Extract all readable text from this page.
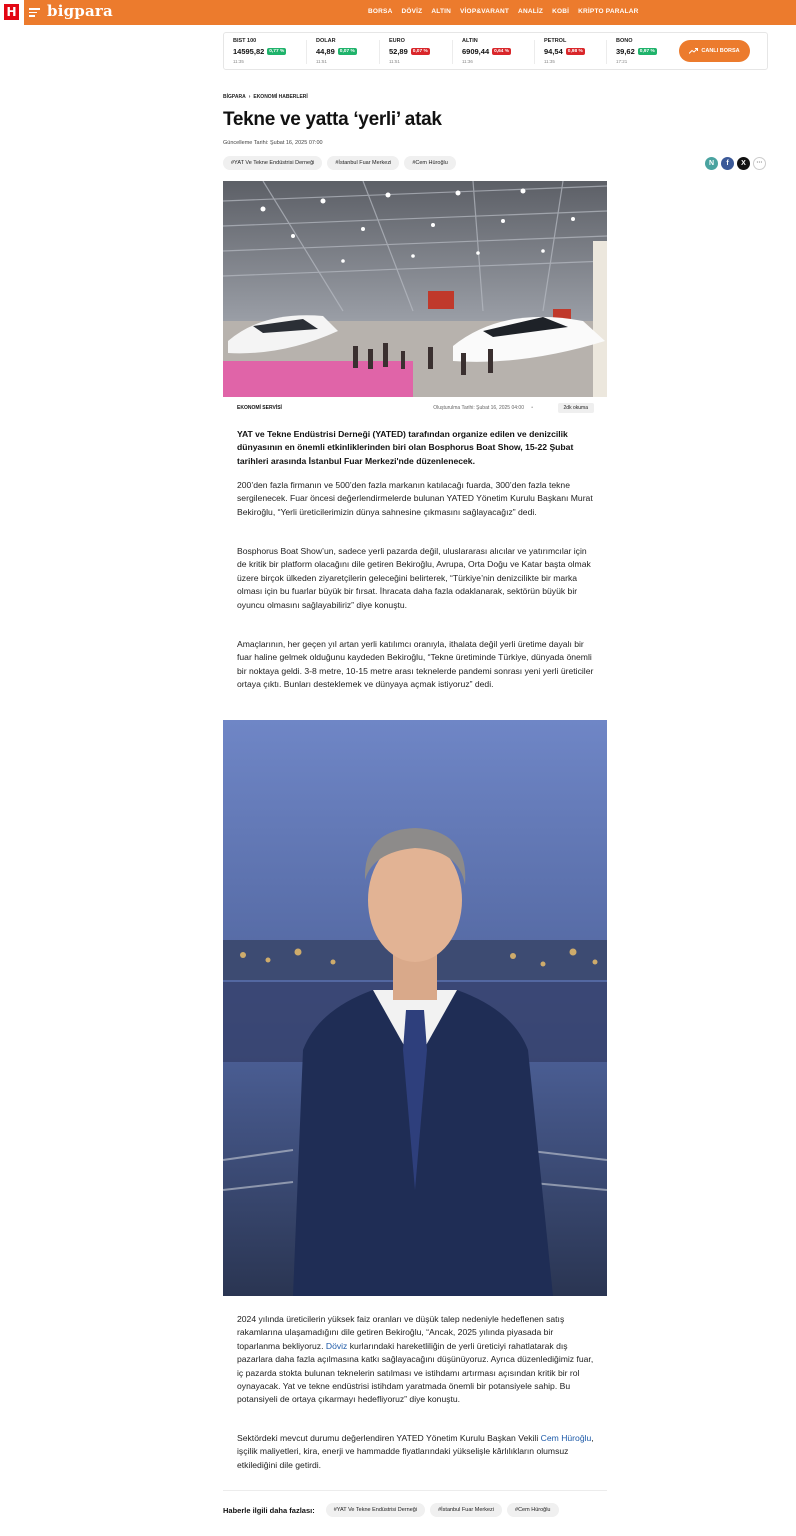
H bigpara	BORSA DÖVİZ ALTIN VİOP&VARANT ANALİZ KOBİ KRİPTO PARALAR
BIST 100
14595,82	0,77 %
11:35
DOLAR
44,89	0,07 %
11:51
EURO
52,89	0,07 %
11:51
ALTIN
6909,44	0,64 %
11:36
PETROL
94,54	0,98 %
11:35
BONO
39,62	0,97 %
17:21
CANLI BORSA
BİGPARA › EKONOMİ HABERLERİ
Tekne ve yatta ‘yerli’ atak
Güncelleme Tarihi: Şubat 16, 2025 07:00
#YAT Ve Tekne Endüstrisi Derneği	#İstanbul Fuar Merkezi	#Cem Hüroğlu	N	f	X	···
EKONOMİ SERVİSİ	Oluşturulma Tarihi: Şubat 16, 2025 04:00 •	2dk okuma

YAT ve Tekne Endüstrisi Derneği (YATED) tarafından organize edilen ve denizcilik dünyasının en önemli etkinliklerinden biri olan Bosphorus Boat Show, 15-22 Şubat tarihleri arasında İstanbul Fuar Merkezi'nde düzenlenecek.

200’den fazla firmanın ve 500’den fazla markanın katılacağı fuarda, 300’den fazla tekne sergilenecek. Fuar öncesi değerlendirmelerde bulunan YATED Yönetim Kurulu Başkanı Murat Bekiroğlu, “Yerli üreticilerimizin dünya sahnesine çıkmasını sağlayacağız” dedi.

Bosphorus Boat Show’un, sadece yerli pazarda değil, uluslararası alıcılar ve yatırımcılar için de kritik bir platform olacağını dile getiren Bekiroğlu, Avrupa, Orta Doğu ve Katar başta olmak üzere birçok ülkeden ziyaretçilerin geleceğini belirterek, “Türkiye’nin denizcilikte bir marka olması için bu fuarlar büyük bir fırsat. İhracata daha fazla odaklanarak, sektörün büyük bir oyuncu olmasını sağlayabiliriz” diye konuştu.

Amaçlarının, her geçen yıl artan yerli katılımcı oranıyla, ithalata değil yerli üretime dayalı bir fuar haline gelmek olduğunu kaydeden Bekiroğlu, “Tekne üretiminde Türkiye, dünyada önemli bir noktaya geldi. 3-8 metre, 10-15 metre arası teknelerde pandemi sonrası yeni yerli üreticiler ortaya çıktı. Bunları desteklemek ve dünyaya açmak istiyoruz” dedi.

2024 yılında üreticilerin yüksek faiz oranları ve düşük talep nedeniyle hedeflenen satış rakamlarına ulaşamadığını dile getiren Bekiroğlu, “Ancak, 2025 yılında piyasada bir toparlanma bekliyoruz. Döviz kurlarındaki hareketliliğin de yerli üreticiyi rahatlatarak dış pazarlara daha fazla açılmasına katkı sağlayacağını düşünüyoruz. Ayrıca düzenlediğimiz fuar, iç pazarda stokta bulunan teknelerin satılması ve istihdamı artırması açısından kritik bir rol oynayacak. Yat ve tekne endüstrisi istihdam yaratmada önemli bir potansiyele sahip. Bu potansiyeli de ortaya çıkarmayı hedefliyoruz” diye konuştu.

Sektördeki mevcut durumu değerlendiren YATED Yönetim Kurulu Başkan Vekili Cem Hüroğlu, işçilik maliyetleri, kira, enerji ve hammadde fiyatlarındaki yükselişle kârlılıkların olumsuz etkilediğini dile getirdi.

Haberle ilgili daha fazlası:	#YAT Ve Tekne Endüstrisi Derneği	#İstanbul Fuar Merkezi	#Cem Hüroğlu
